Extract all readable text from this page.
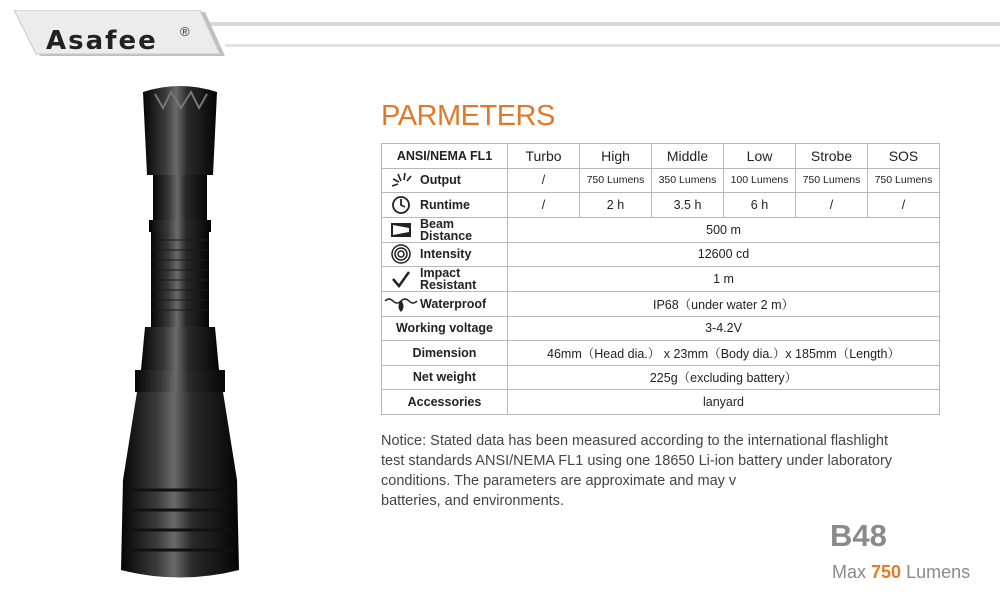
Asafee ®
PARMETERS
ANSI/NEMA FL1	Turbo	High	Middle	Low	Strobe	SOS

Output	/	750 Lumens	350 Lumens	100 Lumens	750 Lumens	750 Lumens

Runtime	/	2 h	3.5 h	6 h	/	/

Beam
Distance	500 m					

Intensity	12600 cd					

Impact
Resistant	1 m					

Waterproof	IP68（under water 2 m）					
Working voltage	3-4.2V					
Dimension	46mm（Head dia.） x 23mm（Body dia.）x 185mm（Length）					
Net weight	225g（excluding battery）					
Accessories	lanyard					
Notice: Stated data has been measured according to the international flashlight
test standards ANSI/NEMA FL1 using one 18650 Li-ion battery under laboratory
conditions. The parameters are approximate and may v
batteries, and environments.
B48
Max 750 Lumens
